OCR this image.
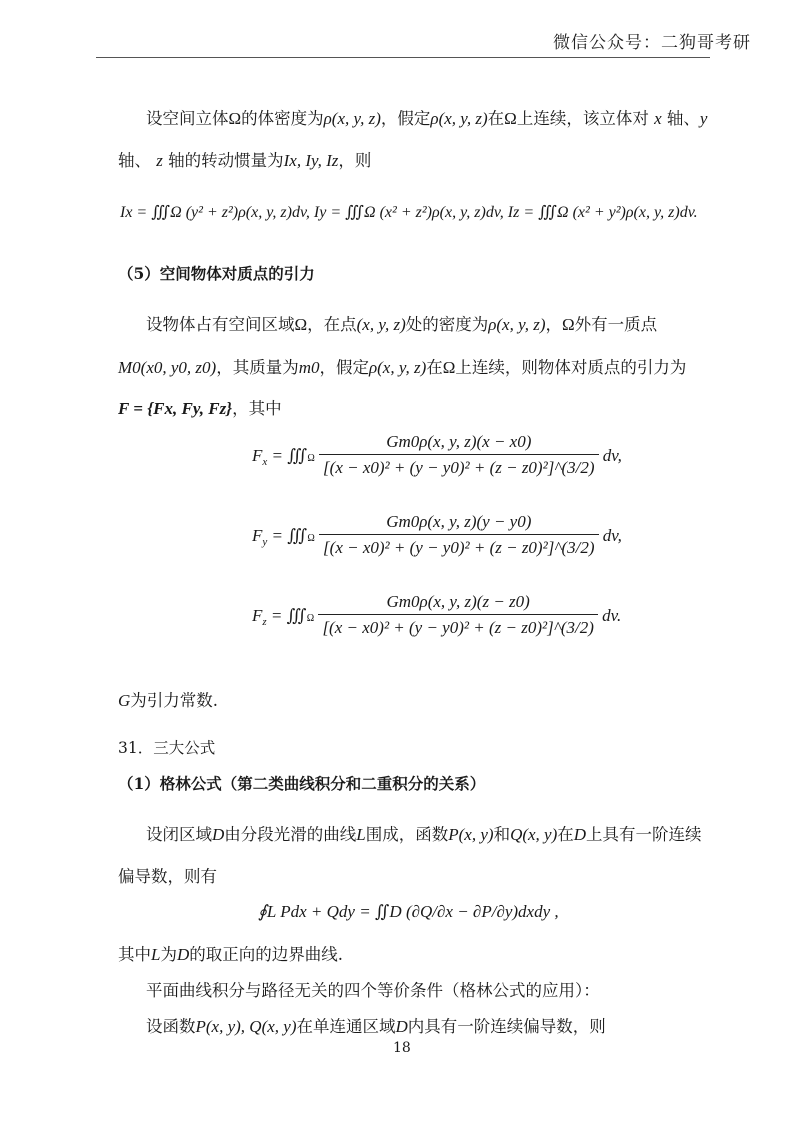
微信公众号：二狗哥考研
设空间立体Ω的体密度为ρ(x, y, z)，假定ρ(x, y, z)在Ω上连续，该立体对 x 轴、y
轴、 z 轴的转动惯量为Ix, Iy, Iz，则
Ix = ∭Ω (y² + z²)ρ(x, y, z)dv, Iy = ∭Ω (x² + z²)ρ(x, y, z)dv, Iz = ∭Ω (x² + y²)ρ(x, y, z)dv.
（5）空间物体对质点的引力
设物体占有空间区域Ω，在点(x, y, z)处的密度为ρ(x, y, z)，Ω外有一质点
M0(x0, y0, z0)，其质量为m0，假定ρ(x, y, z)在Ω上连续，则物体对质点的引力为
F = {Fx, Fy, Fz}，其中
$F_x$ = ∭Ω $\frac{Gm0\rho(x, y, z)(x - x0)}{\text{[(x − x0)² + (y − y0)² + (z − z0)²]\textasciicircum{}(3/2)}}$ dv,
$F_y$ = ∭Ω $\frac{Gm0\rho(x, y, z)(y - y0)}{\text{[(x − x0)² + (y − y0)² + (z − z0)²]\textasciicircum{}(3/2)}}$ dv,
$F_z$ = ∭Ω $\frac{Gm0\rho(x, y, z)(z - z0)}{\text{[(x − x0)² + (y − y0)² + (z − z0)²]\textasciicircum{}(3/2)}}$ dv.
G为引力常数.
31．三大公式
（1）格林公式（第二类曲线积分和二重积分的关系）
设闭区域D由分段光滑的曲线L围成，函数P(x, y)和Q(x, y)在D上具有一阶连续
偏导数，则有
∮L Pdx + Qdy = ∬D (∂Q/∂x − ∂P/∂y)dxdy ,
其中L为D的取正向的边界曲线.
平面曲线积分与路径无关的四个等价条件（格林公式的应用）：
设函数P(x, y), Q(x, y)在单连通区域D内具有一阶连续偏导数，则
18
